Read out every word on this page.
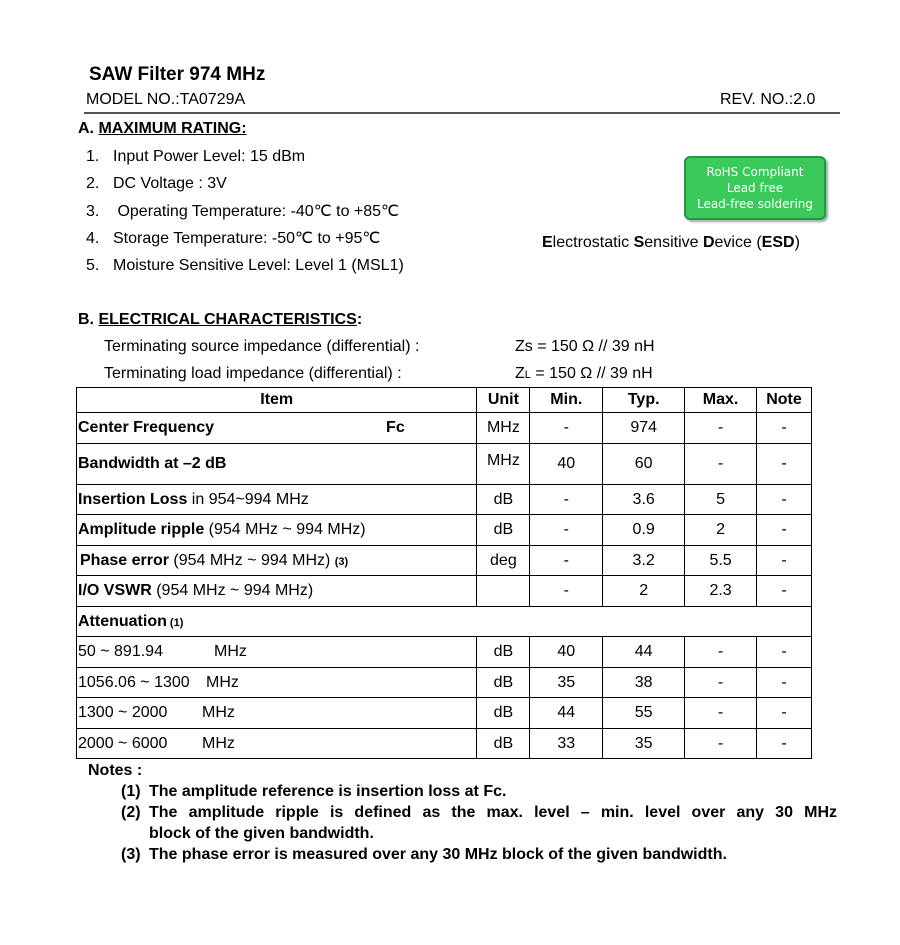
SAW Filter 974 MHz
MODEL NO.:TA0729A	REV. NO.:2.0
A. MAXIMUM RATING:
1. Input Power Level: 15 dBm
2. DC Voltage : 3V
3. Operating Temperature: -40℃ to +85℃
4. Storage Temperature: -50℃ to +95℃
5. Moisture Sensitive Level: Level 1 (MSL1)
RoHS Compliant
Lead free
Lead-free soldering
Electrostatic Sensitive Device (ESD)
B. ELECTRICAL CHARACTERISTICS:
Terminating source impedance (differential) :	Zs = 150 Ω // 39 nH
Terminating load impedance (differential) :	ZL = 150 Ω // 39 nH
Item	Unit	Min.	Typ.	Max.	Note
Center Frequency Fc	MHz	-	974	-	-
Bandwidth at –2 dB	MHz	40	60	-	-
Insertion Loss in 954~994 MHz	dB	-	3.6	5	-
Amplitude ripple (954 MHz ~ 994 MHz)	dB	-	0.9	2	-
Phase error (954 MHz ~ 994 MHz) (3)	deg	-	3.2	5.5	-
I/O VSWR (954 MHz ~ 994 MHz)		-	2	2.3	-
Attenuation (1)					
50 ~ 891.94 MHz	dB	40	44	-	-
1056.06 ~ 1300 MHz	dB	35	38	-	-
1300 ~ 2000 MHz	dB	44	55	-	-
2000 ~ 6000 MHz	dB	33	35	-	-
Notes :
(1) The amplitude reference is insertion loss at Fc.
(2) The amplitude ripple is defined as the max. level – min. level over any 30 MHz
block of the given bandwidth.
(3) The phase error is measured over any 30 MHz block of the given bandwidth.
